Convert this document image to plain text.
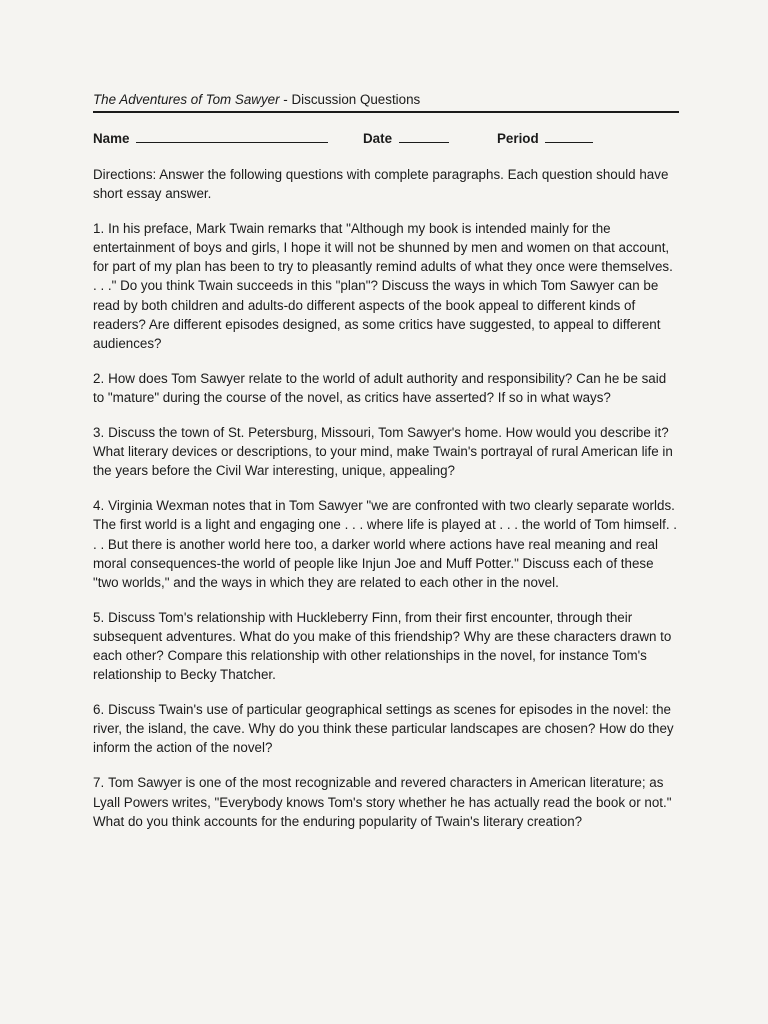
The Adventures of Tom Sawyer - Discussion Questions
Name	Date	Period

Directions: Answer the following questions with complete paragraphs. Each question should have short essay answer.

1. In his preface, Mark Twain remarks that "Although my book is intended mainly for the entertainment of boys and girls, I hope it will not be shunned by men and women on that account, for part of my plan has been to try to pleasantly remind adults of what they once were themselves. . . ." Do you think Twain succeeds in this "plan"? Discuss the ways in which Tom Sawyer can be read by both children and adults-do different aspects of the book appeal to different kinds of readers? Are different episodes designed, as some critics have suggested, to appeal to different audiences?

2. How does Tom Sawyer relate to the world of adult authority and responsibility? Can he be said to "mature" during the course of the novel, as critics have asserted? If so in what ways?

3. Discuss the town of St. Petersburg, Missouri, Tom Sawyer's home. How would you describe it? What literary devices or descriptions, to your mind, make Twain's portrayal of rural American life in the years before the Civil War interesting, unique, appealing?

4. Virginia Wexman notes that in Tom Sawyer "we are confronted with two clearly separate worlds. The first world is a light and engaging one . . . where life is played at . . . the world of Tom himself. . . . But there is another world here too, a darker world where actions have real meaning and real moral consequences-the world of people like Injun Joe and Muff Potter." Discuss each of these "two worlds," and the ways in which they are related to each other in the novel.

5. Discuss Tom's relationship with Huckleberry Finn, from their first encounter, through their subsequent adventures. What do you make of this friendship? Why are these characters drawn to each other? Compare this relationship with other relationships in the novel, for instance Tom's relationship to Becky Thatcher.

6. Discuss Twain's use of particular geographical settings as scenes for episodes in the novel: the river, the island, the cave. Why do you think these particular landscapes are chosen? How do they inform the action of the novel?

7. Tom Sawyer is one of the most recognizable and revered characters in American literature; as Lyall Powers writes, "Everybody knows Tom's story whether he has actually read the book or not." What do you think accounts for the enduring popularity of Twain's literary creation?
